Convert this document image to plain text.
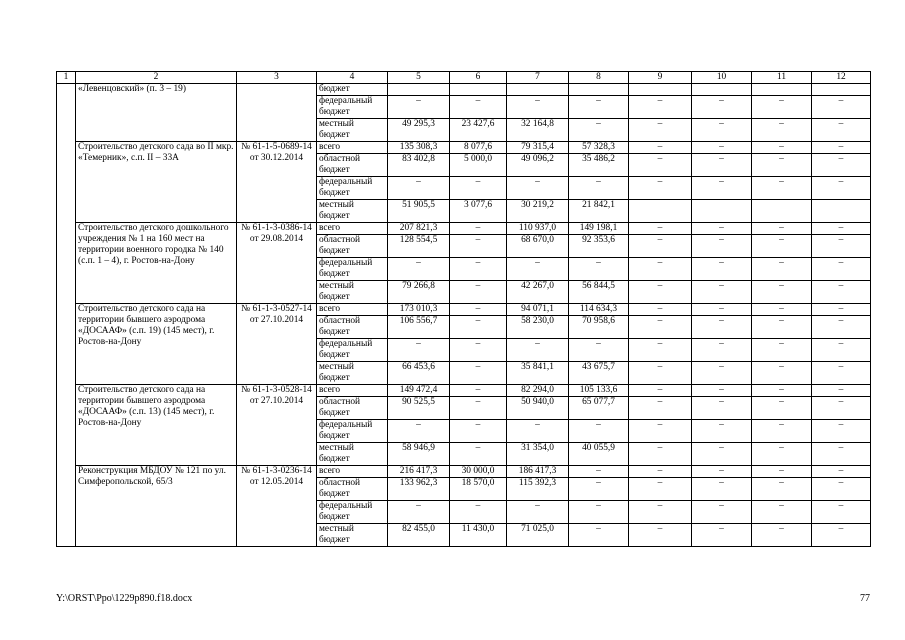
1	2	3	4	5	6	7	8	9	10	11	12
	«Левенцовский» (п. 3 – 19)		бюджет								
			федеральный бюджет	–	–	–	–	–	–	–	–
			местный бюджет	49 295,3	23 427,6	32 164,8	–	–	–	–	–
	Строительство детского сада во II мкр. «Темерник», с.п. II – 33А	№ 61-1-5-0689-14 от 30.12.2014	всего	135 308,3	8 077,6	79 315,4	57 328,3	–	–	–	–
			областной бюджет	83 402,8	5 000,0	49 096,2	35 486,2	–	–	–	–
			федеральный бюджет	–	–	–	–	–	–	–	–
			местный бюджет	51 905,5	3 077,6	30 219,2	21 842,1				
	Строительство детского дошкольного учреждения № 1 на 160 мест на территории военного городка № 140 (с.п. 1 – 4), г. Ростов-на-Дону	№ 61-1-3-0386-14 от 29.08.2014	всего	207 821,3	–	110 937,0	149 198,1	–	–	–	–
			областной бюджет	128 554,5	–	68 670,0	92 353,6	–	–	–	–
			федеральный бюджет	–	–	–	–	–	–	–	–
			местный бюджет	79 266,8	–	42 267,0	56 844,5	–	–	–	–
	Строительство детского сада на территории бывшего аэродрома «ДОСААФ» (с.п. 19) (145 мест), г. Ростов-на-Дону	№ 61-1-3-0527-14 от 27.10.2014	всего	173 010,3	–	94 071,1	114 634,3	–	–	–	–
			областной бюджет	106 556,7	–	58 230,0	70 958,6	–	–	–	–
			федеральный бюджет	–	–	–	–	–	–	–	–
			местный бюджет	66 453,6	–	35 841,1	43 675,7	–	–	–	–
	Строительство детского сада на территории бывшего аэродрома «ДОСААФ» (с.п. 13) (145 мест), г. Ростов-на-Дону	№ 61-1-3-0528-14 от 27.10.2014	всего	149 472,4	–	82 294,0	105 133,6	–	–	–	–
			областной бюджет	90 525,5	–	50 940,0	65 077,7	–	–	–	–
			федеральный бюджет	–	–	–	–	–	–	–	–
			местный бюджет	58 946,9	–	31 354,0	40 055,9	–	–	–	–
	Реконструкция МБДОУ № 121 по ул. Симферопольской, 65/3	№ 61-1-3-0236-14 от 12.05.2014	всего	216 417,3	30 000,0	186 417,3	–	–	–	–	–
			областной бюджет	133 962,3	18 570,0	115 392,3	–	–	–	–	–
			федеральный бюджет	–	–	–	–	–	–	–	–
			местный бюджет	82 455,0	11 430,0	71 025,0	–	–	–	–	–
Y:\ORST\Ppo\1229p890.f18.docx	77
